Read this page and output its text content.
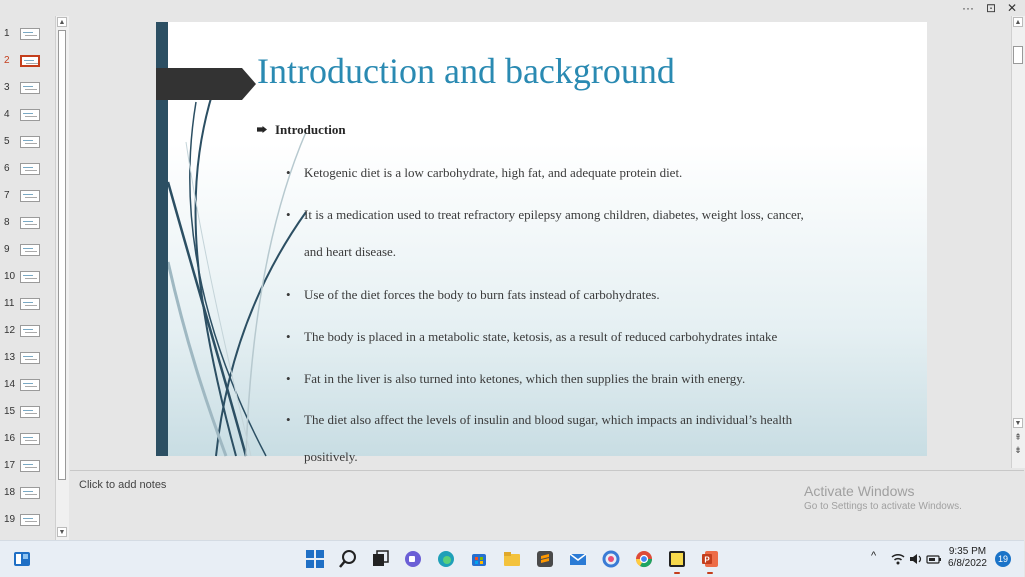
··· ⊡ ✕
1
2
3
4
5
6
7
8
9
10
11
12
13
14
15
16
17
18
19
▲
▼
Introduction and background
Introduction
• Ketogenic diet is a low carbohydrate, high fat, and adequate protein diet.
• It is a medication used to treat refractory epilepsy among children, diabetes, weight loss, cancer,
and heart disease.
• Use of the diet forces the body to burn fats instead of carbohydrates.
• The body is placed in a metabolic state, ketosis, as a result of reduced carbohydrates intake
• Fat in the liver is also turned into ketones, which then supplies the brain with energy.
• The diet also affect the levels of insulin and blood sugar, which impacts an individual’s health
positively.
▲
▼
⇞
⇟
Click to add notes	Activate Windows
Go to Settings to activate Windows.
P	^	9:35 PM
6/8/2022	19
